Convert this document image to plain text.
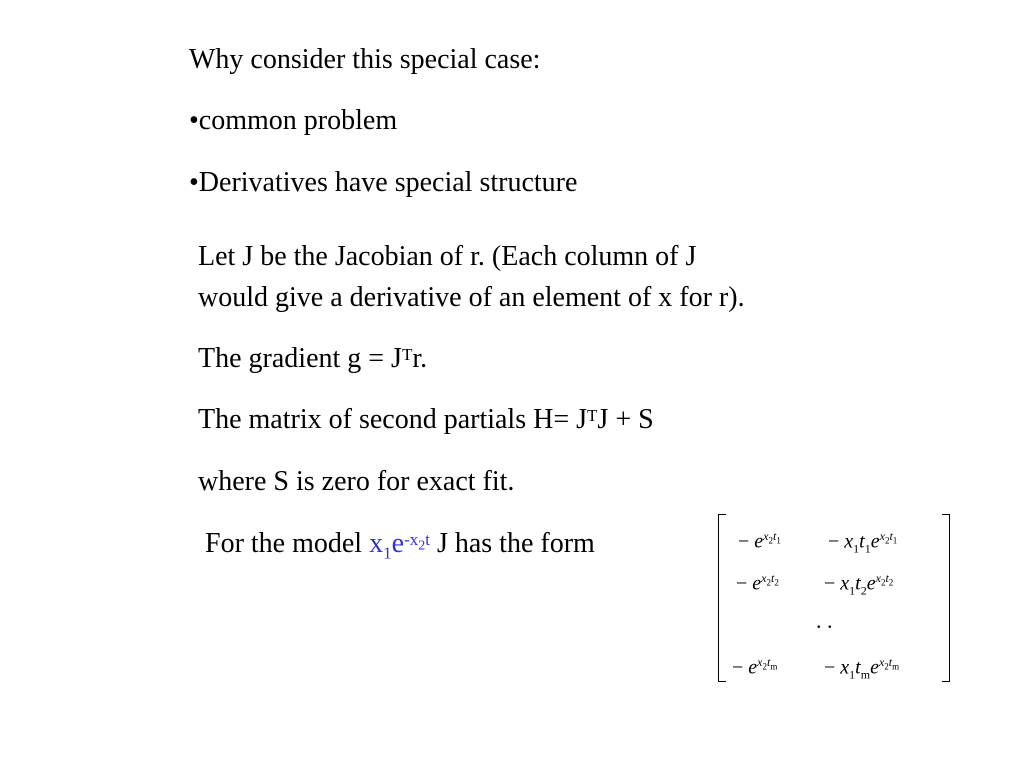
Why consider this special case:
•common problem
•Derivatives have special structure
Let J be the Jacobian of r. (Each column of J
would give a derivative of an element of x for r).
The gradient $g = J^Tr$.
The matrix of second partials $H= J^TJ + S$
where S is zero for exact fit.
For the model $x_1e^{-x_2t}$ J has the form	− $e^{x_2t_1} - x_1t_1e^{x_2t_1}$
− $e^{x_2t_2} - x_1t_2e^{x_2t_2}$
. .
− $e^{x_2t_m} - x_1t_me^{x_2t_m}$
